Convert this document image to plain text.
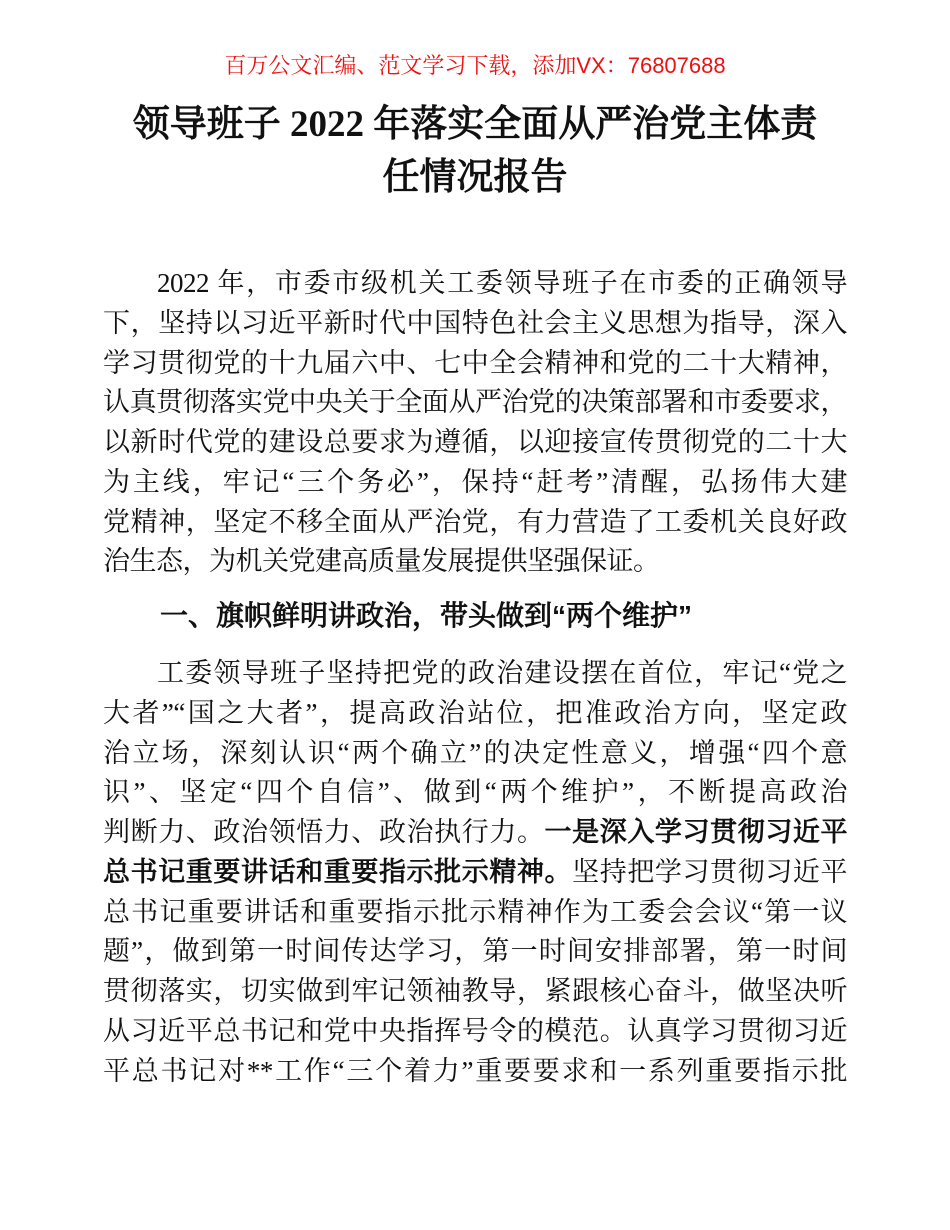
百万公文汇编、范文学习下载，添加VX：76807688
领导班子 2022 年落实全面从严治党主体责
任情况报告
2022 年，市委市级机关工委领导班子在市委的正确领导
下，坚持以习近平新时代中国特色社会主义思想为指导，深入
学习贯彻党的十九届六中、七中全会精神和党的二十大精神，
认真贯彻落实党中央关于全面从严治党的决策部署和市委要求，
以新时代党的建设总要求为遵循，以迎接宣传贯彻党的二十大
为主线，牢记“三个务必”，保持“赶考”清醒，弘扬伟大建
党精神，坚定不移全面从严治党，有力营造了工委机关良好政
治生态，为机关党建高质量发展提供坚强保证。
一、旗帜鲜明讲政治，带头做到“两个维护”
工委领导班子坚持把党的政治建设摆在首位，牢记“党之
大者”“国之大者”，提高政治站位，把准政治方向，坚定政
治立场，深刻认识“两个确立”的决定性意义，增强“四个意
识”、坚定“四个自信”、做到“两个维护”，不断提高政治
判断力、政治领悟力、政治执行力。一是深入学习贯彻习近平
总书记重要讲话和重要指示批示精神。坚持把学习贯彻习近平
总书记重要讲话和重要指示批示精神作为工委会会议“第一议
题”，做到第一时间传达学习，第一时间安排部署，第一时间
贯彻落实，切实做到牢记领袖教导，紧跟核心奋斗，做坚决听
从习近平总书记和党中央指挥号令的模范。认真学习贯彻习近
平总书记对**工作“三个着力”重要要求和一系列重要指示批
